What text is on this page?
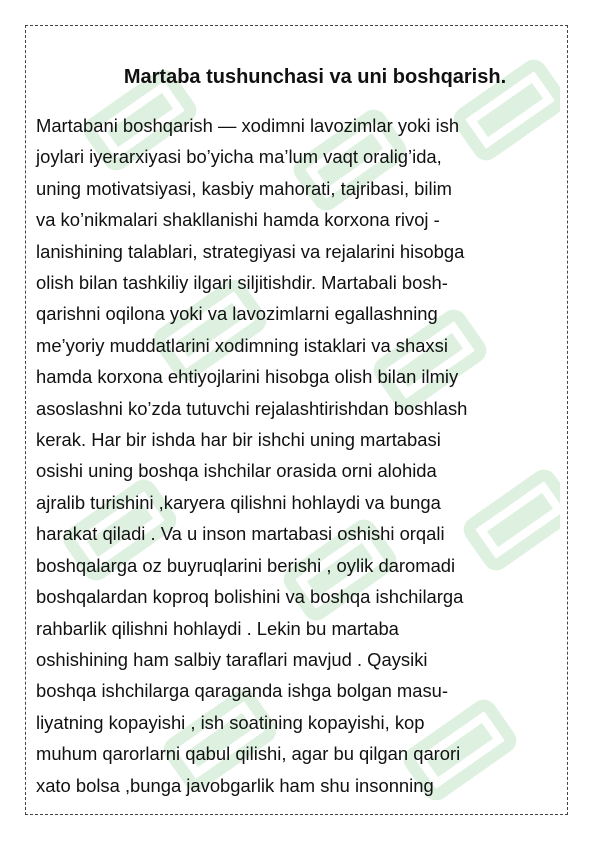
Martaba tushunchasi va uni boshqarish.
Martabani boshqarish — xodimni lavozimlar yoki ish
joylari iyerarxiyasi bo’yicha ma’lum vaqt oralig’ida,
uning motivatsiyasi, kasbiy mahorati, tajribasi, bilim
va ko’nikmalari shakllanishi hamda korxona rivoj -
lanishining talablari, strategiyasi va rejalarini hisobga
olish bilan tashkiliy ilgari siljitishdir. Martabali bosh-
qarishni oqilona yoki va lavozimlarni egallashning
me’yoriy muddatlarini xodimning istaklari va shaxsi
hamda korxona ehtiyojlarini hisobga olish bilan ilmiy
asoslashni ko’zda tutuvchi rejalashtirishdan boshlash
kerak. Har bir ishda har bir ishchi uning martabasi
osishi uning boshqa ishchilar orasida orni alohida
ajralib turishini ,karyera qilishni hohlaydi va bunga
harakat qiladi . Va u inson martabasi oshishi orqali
boshqalarga oz buyruqlarini berishi , oylik daromadi
boshqalardan koproq bolishini va boshqa ishchilarga
rahbarlik qilishni hohlaydi . Lekin bu martaba
oshishining ham salbiy taraflari mavjud . Qaysiki
boshqa ishchilarga qaraganda ishga bolgan masu-
liyatning kopayishi , ish soatining kopayishi, kop
muhum qarorlarni qabul qilishi, agar bu qilgan qarori
xato bolsa ,bunga javobgarlik ham shu insonning
